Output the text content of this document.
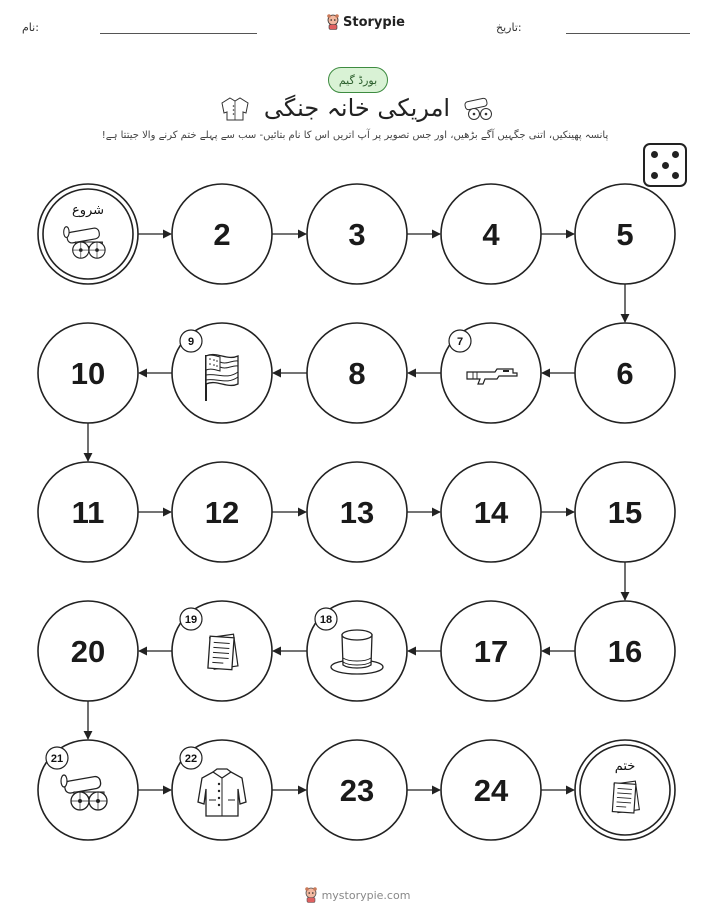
نام:	Storypie	تاریخ:
بورڈ گیم
امریکی خانہ جنگی
پانسہ پھینکیں، اتنی جگہیں آگے بڑھیں، اور جس تصویر پر آپ اتریں اس کا نام بتائیں- سب سے پہلے ختم کرنے والا جیتتا ہے!
شروع
2	3	4	5
6
7
8
9
10
11	12	13	14	15
16
17
18
19
20
21	22
23	24
ختم
mystorypie.com
